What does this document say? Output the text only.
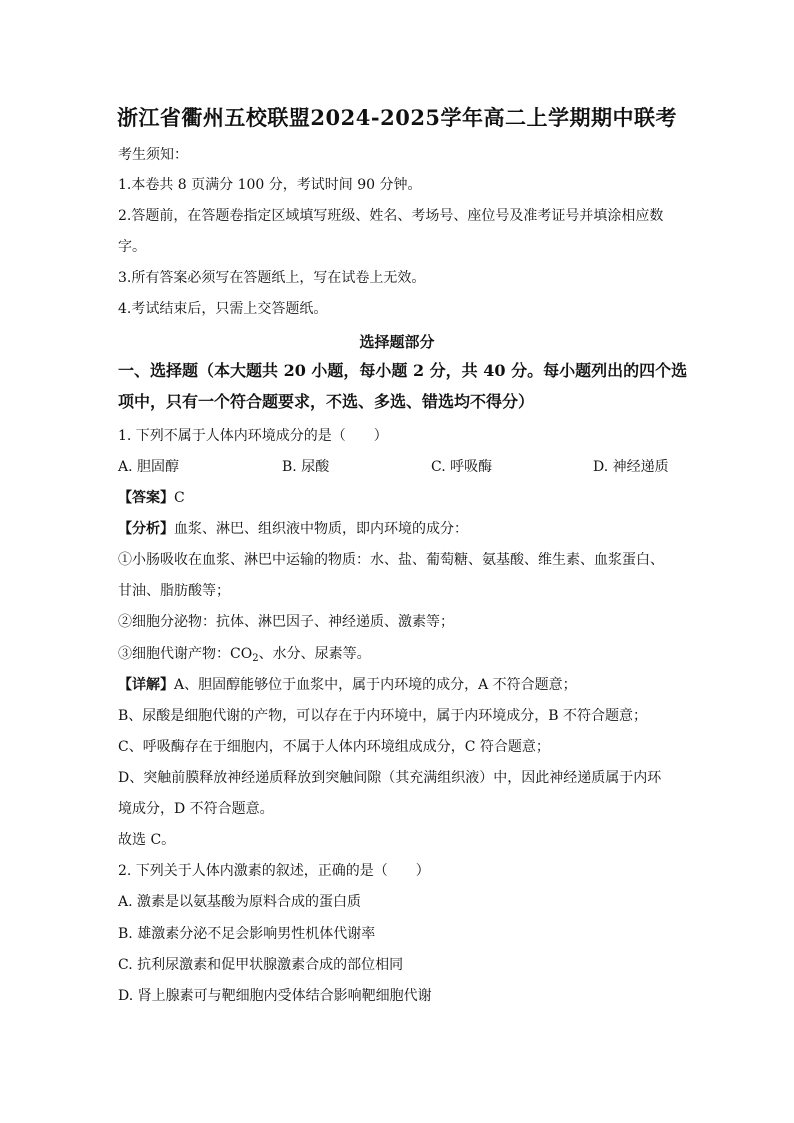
浙江省衢州五校联盟2024-2025学年高二上学期期中联考
考生须知：
1.本卷共 8 页满分 100 分，考试时间 90 分钟。
2.答题前，在答题卷指定区域填写班级、姓名、考场号、座位号及准考证号并填涂相应数
字。
3.所有答案必须写在答题纸上，写在试卷上无效。
4.考试结束后，只需上交答题纸。
选择题部分
一、选择题（本大题共 20 小题，每小题 2 分，共 40 分。每小题列出的四个选
项中，只有一个符合题要求，不选、多选、错选均不得分）
1. 下列不属于人体内环境成分的是（　　）
A. 胆固醇	B. 尿酸	C. 呼吸酶	D. 神经递质
【答案】C
【分析】血浆、淋巴、组织液中物质，即内环境的成分：
①小肠吸收在血浆、淋巴中运输的物质：水、盐、葡萄糖、氨基酸、维生素、血浆蛋白、
甘油、脂肪酸等；
②细胞分泌物：抗体、淋巴因子、神经递质、激素等；
③细胞代谢产物：$CO_2$、水分、尿素等。
【详解】A、胆固醇能够位于血浆中，属于内环境的成分，A 不符合题意；
B、尿酸是细胞代谢的产物，可以存在于内环境中，属于内环境成分，B 不符合题意；
C、呼吸酶存在于细胞内，不属于人体内环境组成成分，C 符合题意；
D、突触前膜释放神经递质释放到突触间隙（其充满组织液）中，因此神经递质属于内环
境成分，D 不符合题意。
故选 C。
2. 下列关于人体内激素的叙述，正确的是（　　）
A. 激素是以氨基酸为原料合成的蛋白质
B. 雄激素分泌不足会影响男性机体代谢率
C. 抗利尿激素和促甲状腺激素合成的部位相同
D. 肾上腺素可与靶细胞内受体结合影响靶细胞代谢
